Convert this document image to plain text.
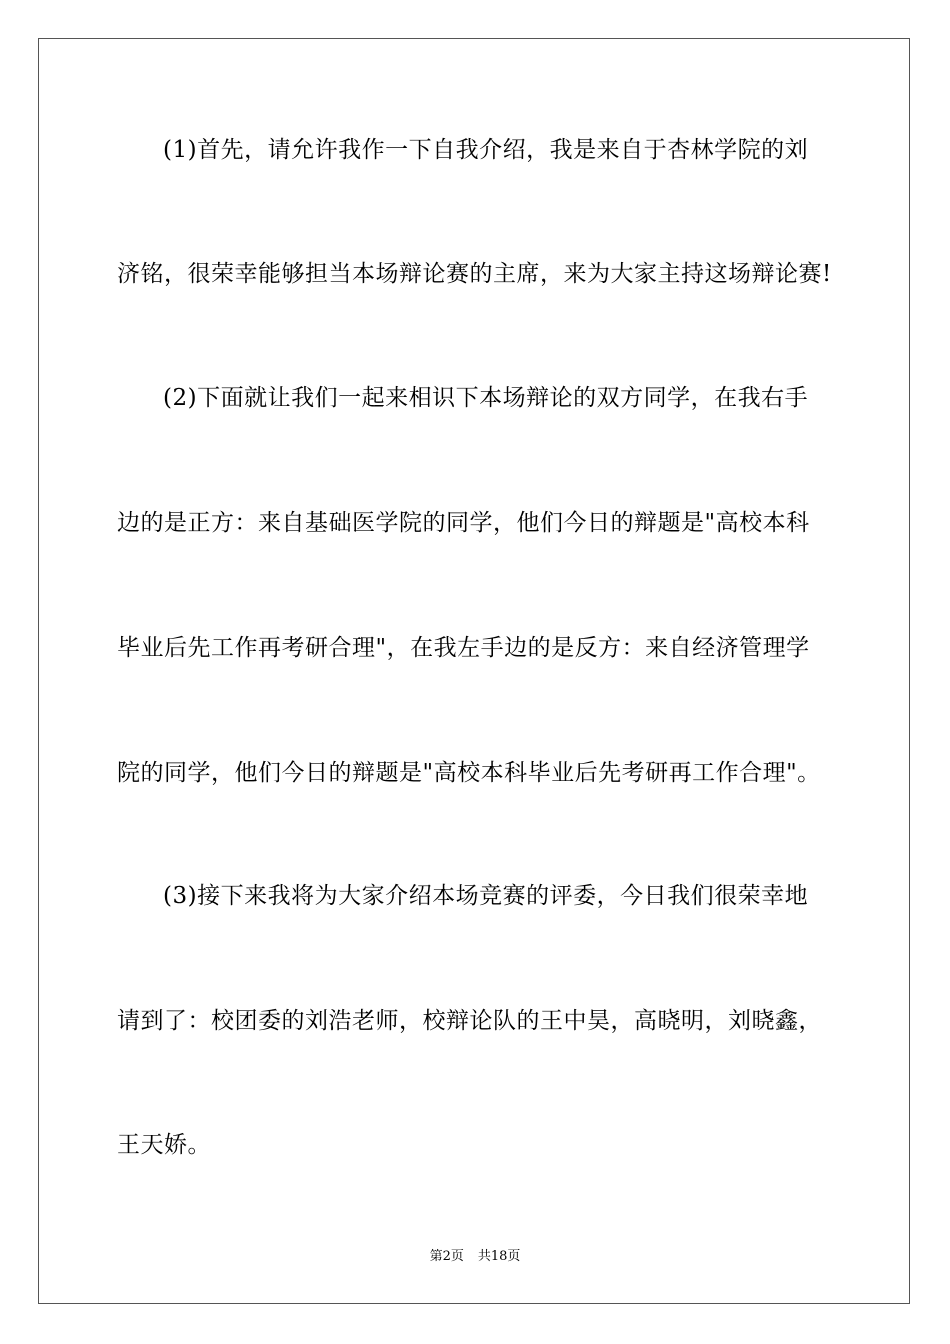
(1)首先，请允许我作一下自我介绍，我是来自于杏林学院的刘
济铭，很荣幸能够担当本场辩论赛的主席，来为大家主持这场辩论赛!
(2)下面就让我们一起来相识下本场辩论的双方同学，在我右手
边的是正方：来自基础医学院的同学，他们今日的辩题是"高校本科
毕业后先工作再考研合理"，在我左手边的是反方：来自经济管理学
院的同学，他们今日的辩题是"高校本科毕业后先考研再工作合理"。
(3)接下来我将为大家介绍本场竞赛的评委，今日我们很荣幸地
请到了：校团委的刘浩老师，校辩论队的王中昊，高晓明，刘晓鑫，
王天娇。
第2页 共18页
